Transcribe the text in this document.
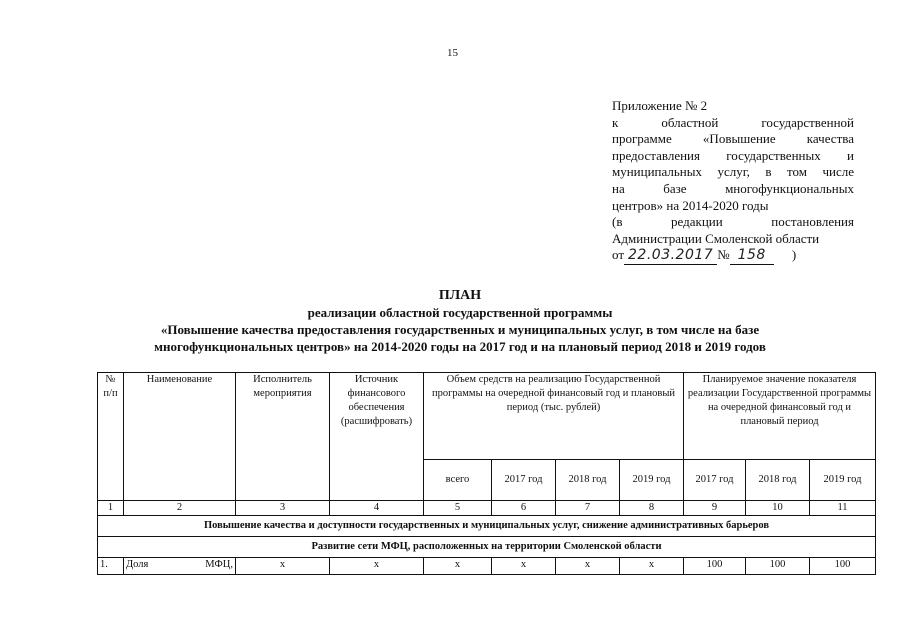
15
Приложение № 2
к областной государственной
программе «Повышение качества
предоставления государственных и
муниципальных услуг, в том числе
на базе многофункциональных
центров» на 2014-2020 годы
(в редакции постановления
Администрации Смоленской области
от 22.03.2017 № 158	)
ПЛАН
реализации областной государственной программы
«Повышение качества предоставления государственных и муниципальных услуг, в том числе на базе
многофункциональных центров» на 2014-2020 годы на 2017 год и на плановый период 2018 и 2019 годов
№ п/п	Наименование	Исполнитель мероприятия	Источник финансового обеспечения (расшифровать)	Объем средств на реализацию Государственной программы на очередной финансовый год и плановый период (тыс. рублей)				Планируемое значение показателя реализации Государственной программы на очередной финансовый год и плановый период		
				всего	2017 год	2018 год	2019 год	2017 год	2018 год	2019 год
1	2	3	4	5	6	7	8	9	10	11
Повышение качества и доступности государственных и муниципальных услуг, снижение административных барьеров										
Развитие сети МФЦ, расположенных на территории Смоленской области										
1.	Доля МФЦ,	х	х	х	х	х	х	100	100	100
